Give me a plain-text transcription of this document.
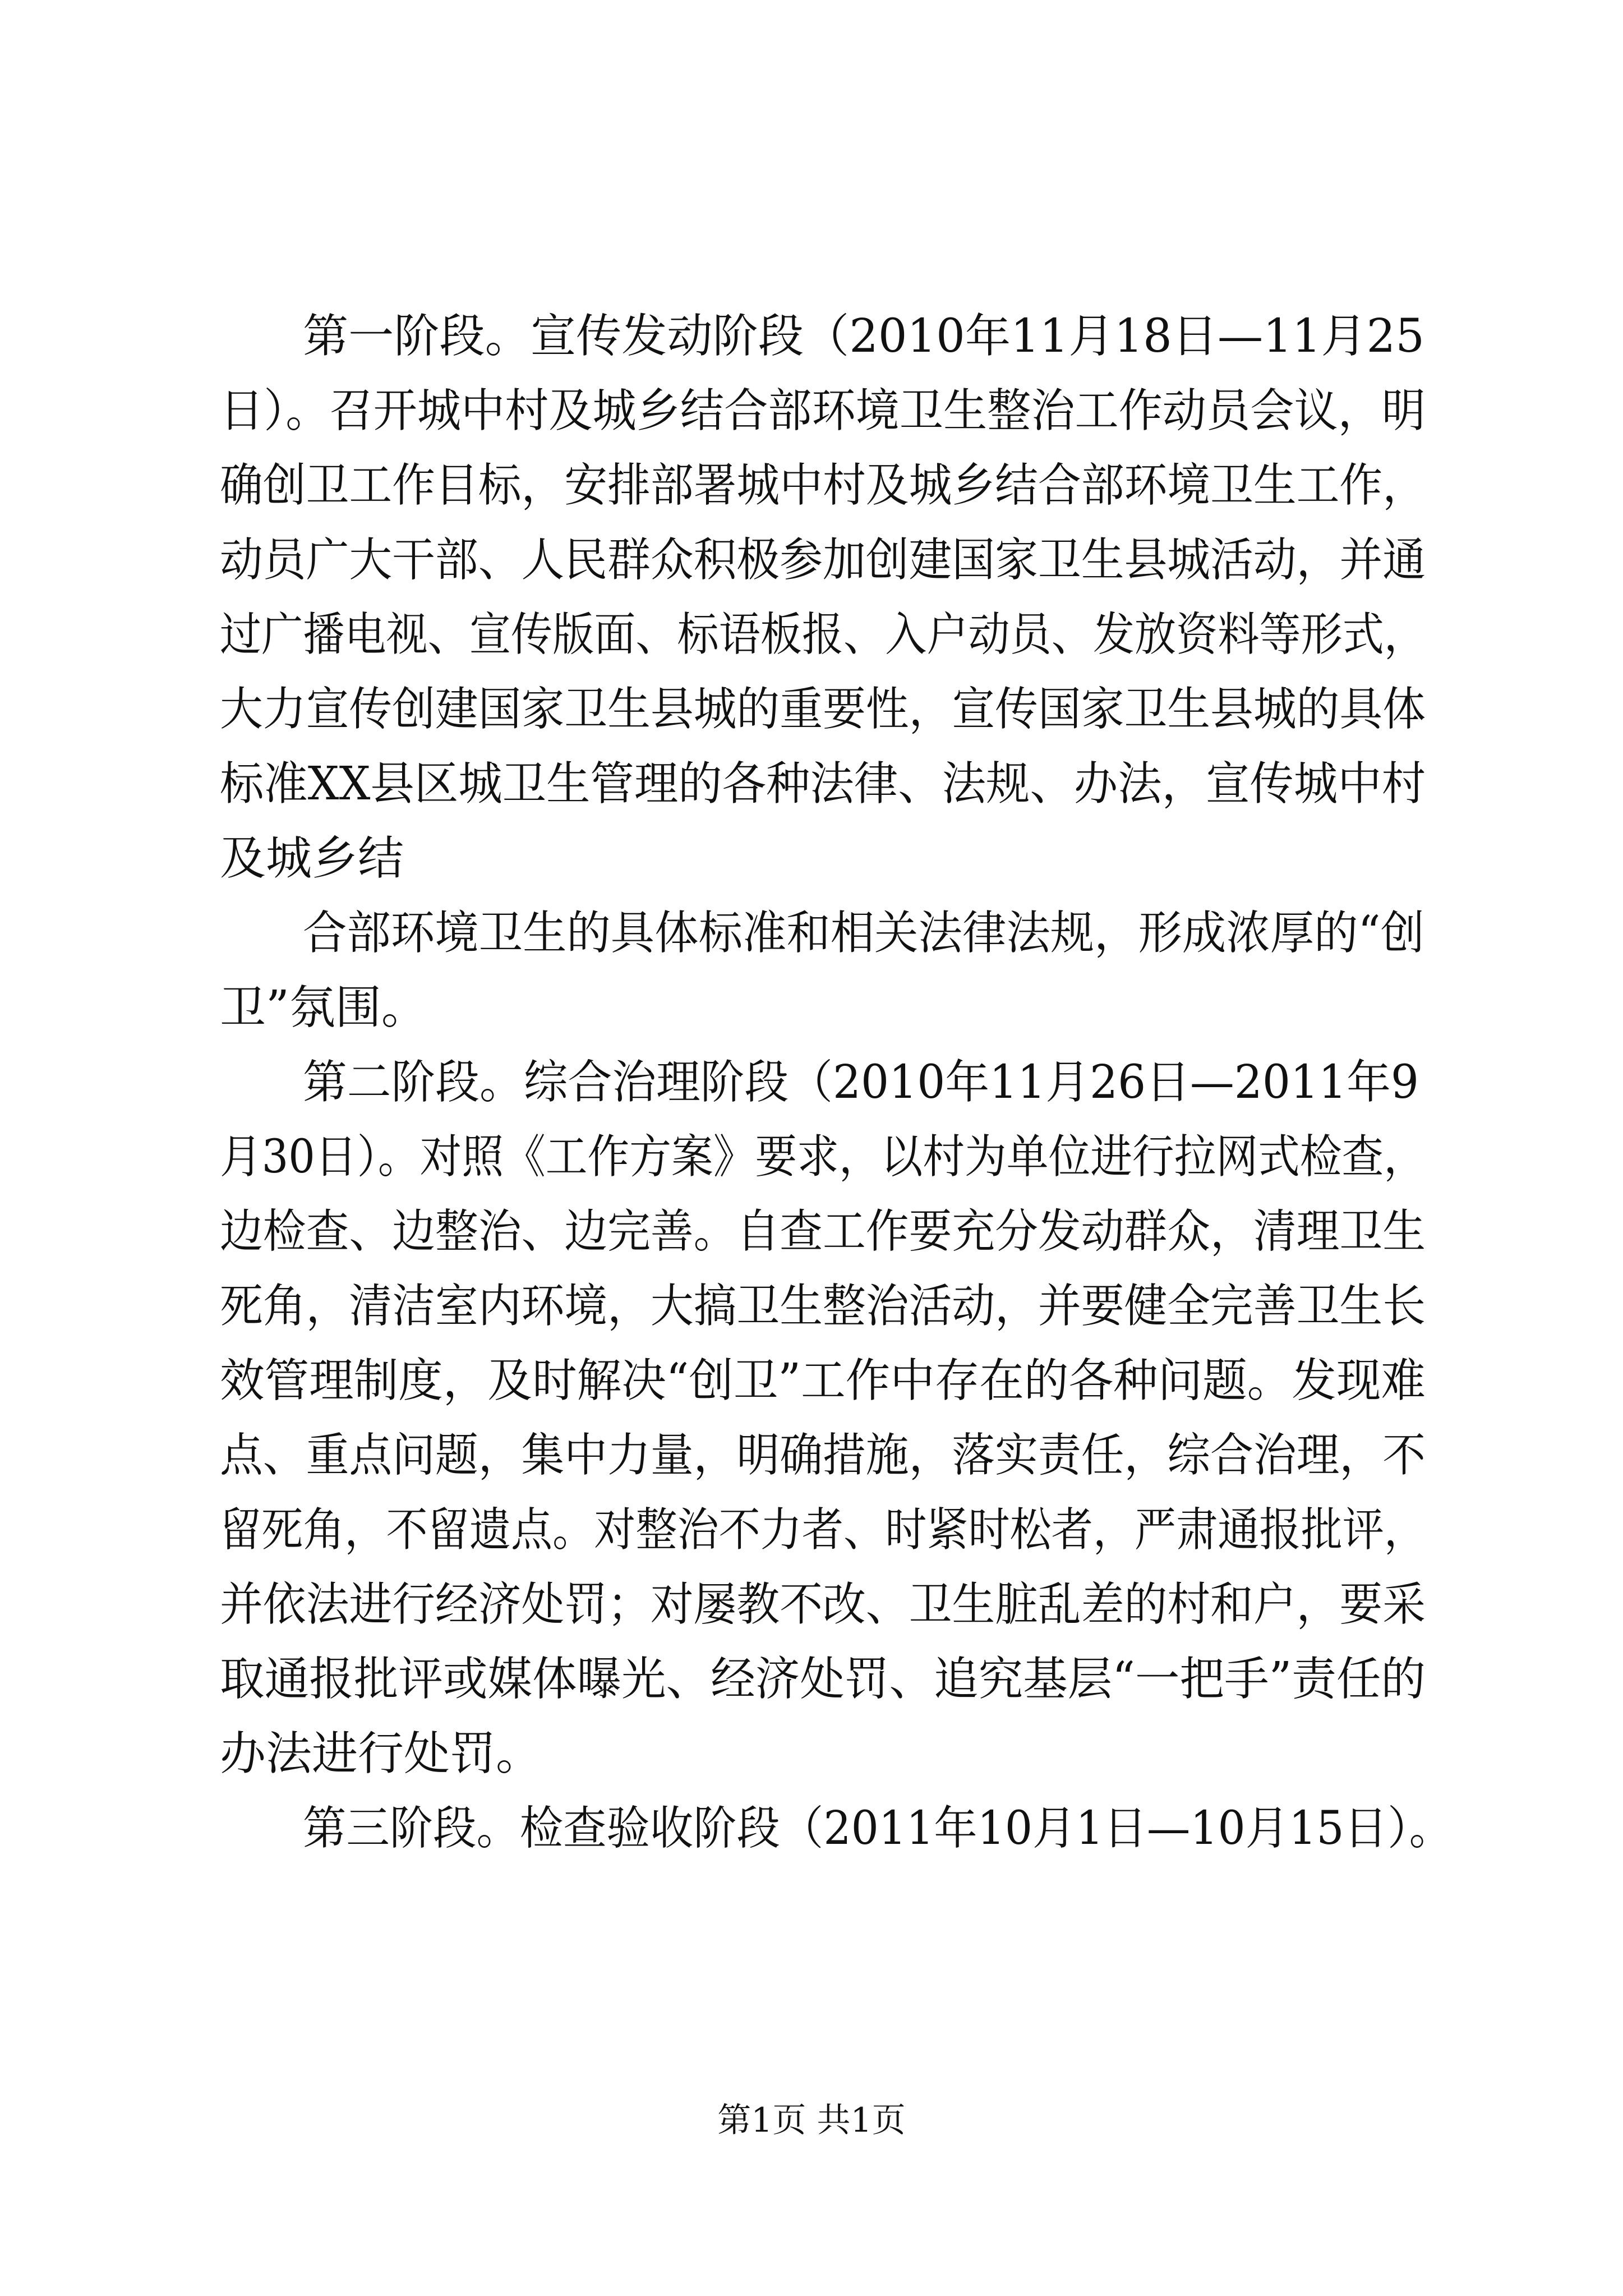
第一阶段。宣传发动阶段（2010年11月18日—11月25
日）。召开城中村及城乡结合部环境卫生整治工作动员会议，明
确创卫工作目标，安排部署城中村及城乡结合部环境卫生工作，
动员广大干部、人民群众积极参加创建国家卫生县城活动，并通
过广播电视、宣传版面、标语板报、入户动员、发放资料等形式，
大力宣传创建国家卫生县城的重要性，宣传国家卫生县城的具体
标准XX县区城卫生管理的各种法律、法规、办法，宣传城中村
及城乡结
合部环境卫生的具体标准和相关法律法规，形成浓厚的“创
卫”氛围。
第二阶段。综合治理阶段（2010年11月26日—2011年9
月30日）。对照《工作方案》要求，以村为单位进行拉网式检查，
边检查、边整治、边完善。自查工作要充分发动群众，清理卫生
死角，清洁室内环境，大搞卫生整治活动，并要健全完善卫生长
效管理制度，及时解决“创卫”工作中存在的各种问题。发现难
点、重点问题，集中力量，明确措施，落实责任，综合治理，不
留死角，不留遗点。对整治不力者、时紧时松者，严肃通报批评，
并依法进行经济处罚；对屡教不改、卫生脏乱差的村和户，要采
取通报批评或媒体曝光、经济处罚、追究基层“一把手”责任的
办法进行处罚。
第三阶段。检查验收阶段（2011年10月1日—10月15日）。
第1页 共1页
